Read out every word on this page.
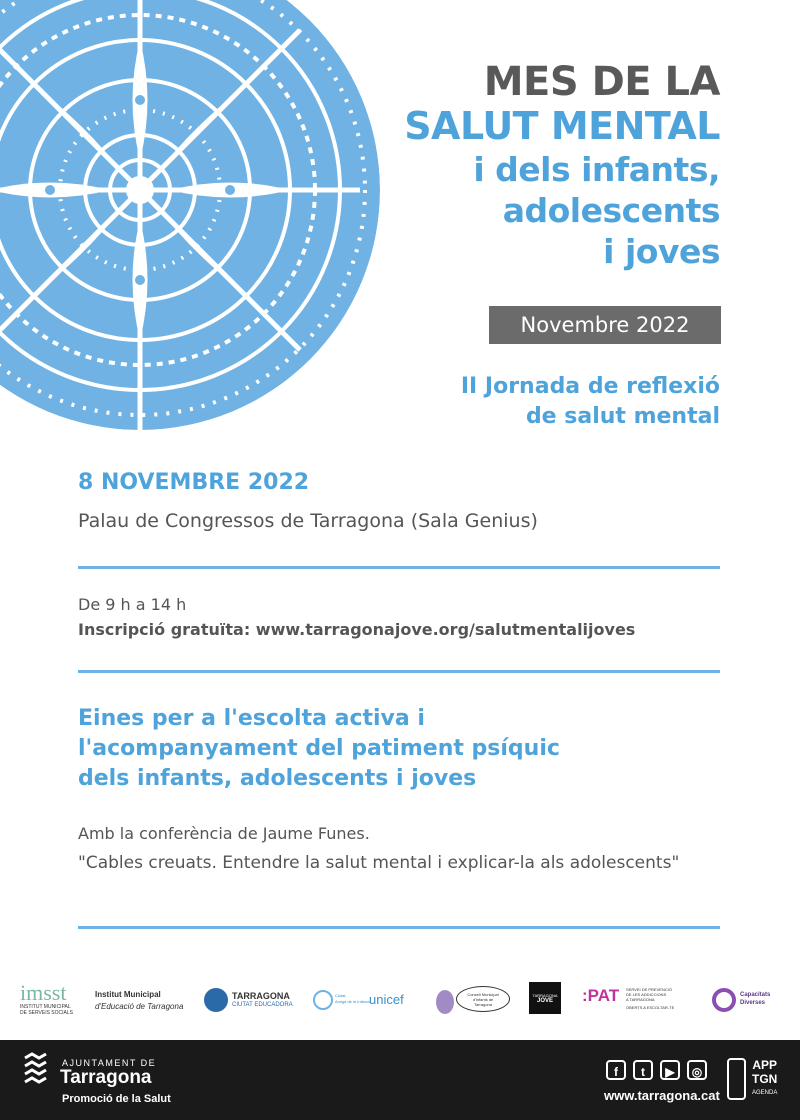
MES DE LA
SALUT MENTAL
i dels infants,
adolescents
i joves
Novembre 2022
II Jornada de reflexió
de salut mental
8 NOVEMBRE 2022
Palau de Congressos de Tarragona (Sala Genius)
De 9 h a 14 h
Inscripció gratuïta: www.tarragonajove.org/salutmentalijoves
Eines per a l'escolta activa i
l'acompanyament del patiment psíquic
dels infants, adolescents i joves
Amb la conferència de Jaume Funes.
"Cables creuats. Entendre la salut mental i explicar-la als adolescents"
imsst
INSTITUT MUNICIPAL
DE SERVEIS SOCIALS
Institut Municipal
d'Educació de Tarragona
TARRAGONA
CIUTAT EDUCADORA
Ciutat
Amiga de la Infància
unicef	Consell Municipal
d'Infants de
Tarragona
TARRAGONA
JOVE	:PAT SERVEI DE PREVENCIÓ
DE LES ADDICCIONS
A TARRAGONA
OBERTS A ESCOLTAR-TE
Capacitats
Diverses
AJUNTAMENT DE
Tarragona
Promoció de la Salut
f t ▶ ◎
www.tarragona.cat
APP
TGN
AGENDA
